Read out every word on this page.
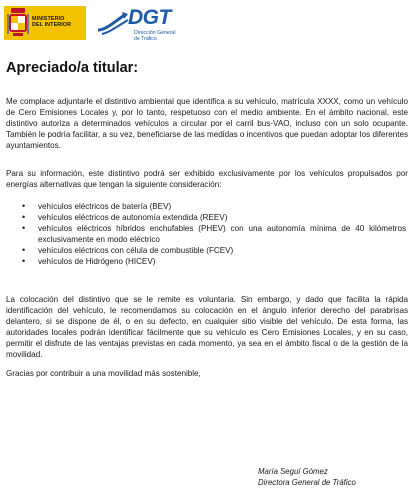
MINISTERIO
DEL INTERIOR	DGT
Dirección General
de Tráfico
Apreciado/a titular:

Me complace adjuntarle el distintivo ambiental que identifica a su vehículo, matrícula XXXX, como un vehículo de Cero Emisiones Locales y, por lo tanto, respetuoso con el medio ambiente. En el ámbito nacional, este distintivo autoriza a determinados vehículos a circular por el carril bus-VAO, incluso con un solo ocupante. También le podría facilitar, a su vez, beneficiarse de las medidas o incentivos que puedan adoptar los diferentes ayuntamientos.

Para su información, este distintivo podrá ser exhibido exclusivamente por los vehículos propulsados por energías alternativas que tengan la siguiente consideración:

• vehículos eléctricos de batería (BEV)
• vehículos eléctricos de autonomía extendida (REEV)
• vehículos eléctricos híbridos enchufables (PHEV) con una autonomía mínima de 40 kilómetros exclusivamente en modo eléctrico
• vehículos eléctricos con célula de combustible (FCEV)
• vehículos de Hidrógeno (HICEV)

La colocación del distintivo que se le remite es voluntaria. Sin embargo, y dado que facilita la rápida identificación del vehículo, le recomendamos su colocación en el ángulo inferior derecho del parabrisas delantero, si se dispone de él, o en su defecto, en cualquier sitio visible del vehículo. De esta forma, las autoridades locales podrán identificar fácilmente que su vehículo es Cero Emisiones Locales, y en su caso, permitir el disfrute de las ventajas previstas en cada momento, ya sea en el ámbito fiscal o de la gestión de la movilidad.

Gracias por contribuir a una movilidad más sostenible,

María Seguí Gómez
Directora General de Tráfico
